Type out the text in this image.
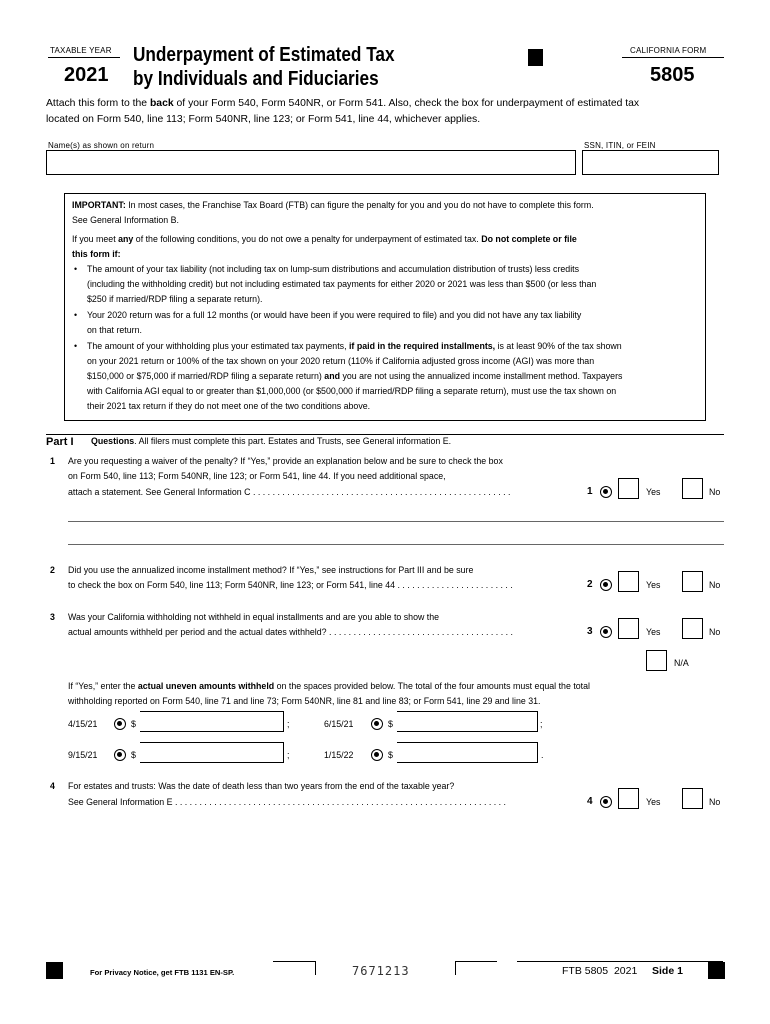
TAXABLE YEAR
2021
Underpayment of Estimated Tax
by Individuals and Fiduciaries
CALIFORNIA FORM
5805
Attach this form to the back of your Form 540, Form 540NR, or Form 541. Also, check the box for underpayment of estimated tax
located on Form 540, line 113; Form 540NR, line 123; or Form 541, line 44, whichever applies.
Name(s) as shown on return	SSN, ITIN, or FEIN
IMPORTANT: In most cases, the Franchise Tax Board (FTB) can figure the penalty for you and you do not have to complete this form.
See General Information B.
If you meet any of the following conditions, you do not owe a penalty for underpayment of estimated tax. Do not complete or file
this form if:
• The amount of your tax liability (not including tax on lump-sum distributions and accumulation distribution of trusts) less credits
(including the withholding credit) but not including estimated tax payments for either 2020 or 2021 was less than $500 (or less than
$250 if married/RDP filing a separate return).
• Your 2020 return was for a full 12 months (or would have been if you were required to file) and you did not have any tax liability
on that return.
• The amount of your withholding plus your estimated tax payments, if paid in the required installments, is at least 90% of the tax shown
on your 2021 return or 100% of the tax shown on your 2020 return (110% if California adjusted gross income (AGI) was more than
$150,000 or $75,000 if married/RDP filing a separate return) and you are not using the annualized income installment method. Taxpayers
with California AGI equal to or greater than $1,000,000 (or $500,000 if married/RDP filing a separate return), must use the tax shown on
their 2021 tax return if they do not meet one of the two conditions above.
Part I Questions. All filers must complete this part. Estates and Trusts, see General information E.
1 Are you requesting a waiver of the penalty? If “Yes,” provide an explanation below and be sure to check the box
on Form 540, line 113; Form 540NR, line 123; or Form 541, line 44. If you need additional space,
attach a statement. See General Information C . . . . . . . . . . . . . . . . . . . . . . . . . . . . . . . . . . . . . . . . . . . . . . . . . . . . .	1	Yes	No
2 Did you use the annualized income installment method? If “Yes,” see instructions for Part III and be sure
to check the box on Form 540, line 113; Form 540NR, line 123; or Form 541, line 44 . . . . . . . . . . . . . . . . . . . . . . . .	2	Yes	No
3 Was your California withholding not withheld in equal installments and are you able to show the
actual amounts withheld per period and the actual dates withheld? . . . . . . . . . . . . . . . . . . . . . . . . . . . . . . . . . . . . . .	3	Yes	No
N/A
If “Yes,” enter the actual uneven amounts withheld on the spaces provided below. The total of the four amounts must equal the total
withholding reported on Form 540, line 71 and line 73; Form 540NR, line 81 and line 83; or Form 541, line 29 and line 31.
4/15/21	$	;	6/15/21	$	;
9/15/21	$	;	1/15/22	$	.
4 For estates and trusts: Was the date of death less than two years from the end of the taxable year?
See General Information E . . . . . . . . . . . . . . . . . . . . . . . . . . . . . . . . . . . . . . . . . . . . . . . . . . . . . . . . . . . . . . . . . . . .	4	Yes	No
For Privacy Notice, get FTB 1131 EN-SP.	7671213	FTB 5805  2021 Side 1
